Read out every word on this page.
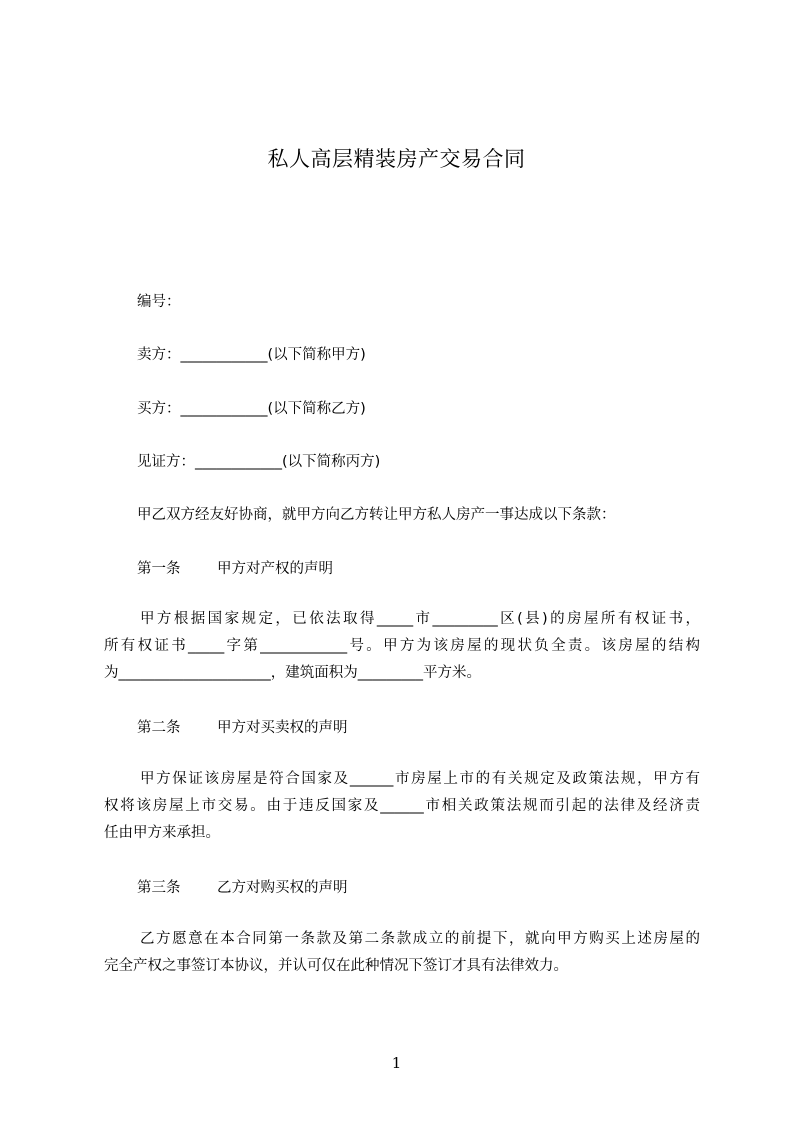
私人高层精装房产交易合同
编号：
卖方：____________(以下简称甲方)
买方：____________(以下简称乙方)
见证方：____________(以下简称丙方)
甲乙双方经友好协商，就甲方向乙方转让甲方私人房产一事达成以下条款：
第一条	甲方对产权的声明
甲方根据国家规定，已依法取得_____市_________区(县)的房屋所有权证书，
所有权证书_____字第____________号。甲方为该房屋的现状负全责。该房屋的结构
为_____________________，建筑面积为_________平方米。
第二条	甲方对买卖权的声明
甲方保证该房屋是符合国家及______市房屋上市的有关规定及政策法规，甲方有
权将该房屋上市交易。由于违反国家及______市相关政策法规而引起的法律及经济责
任由甲方来承担。
第三条	乙方对购买权的声明
乙方愿意在本合同第一条款及第二条款成立的前提下，就向甲方购买上述房屋的
完全产权之事签订本协议，并认可仅在此种情况下签订才具有法律效力。
1
